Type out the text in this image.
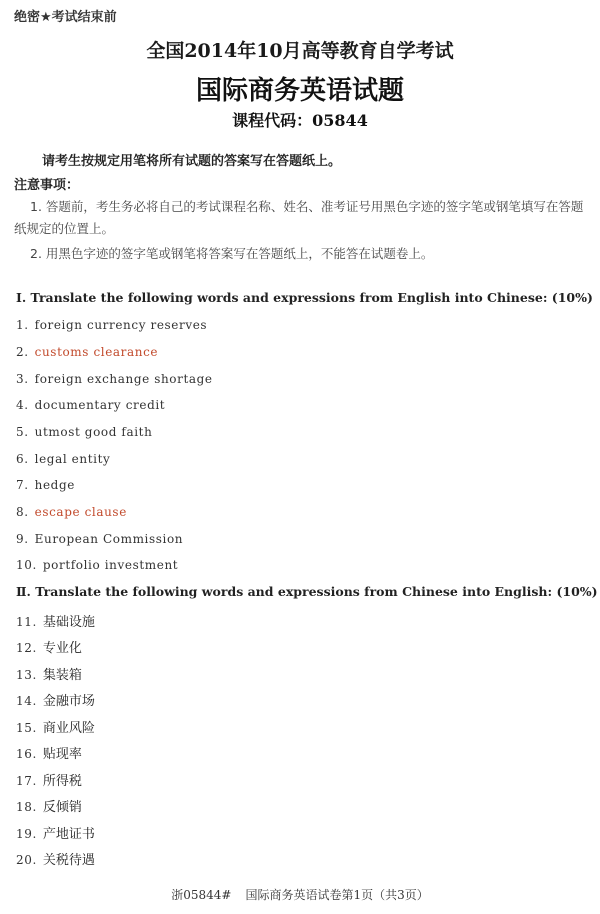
绝密★考试结束前
全国2014年10月高等教育自学考试
国际商务英语试题
课程代码：05844
请考生按规定用笔将所有试题的答案写在答题纸上。
注意事项：
1. 答题前，考生务必将自己的考试课程名称、姓名、准考证号用黑色字迹的签字笔或钢笔填写在答题纸规定的位置上。
2. 用黑色字迹的签字笔或钢笔将答案写在答题纸上，不能答在试题卷上。
Ⅰ. Translate the following words and expressions from English into Chinese: (10%)
1. foreign currency reserves
2. customs clearance
3. foreign exchange shortage
4. documentary credit
5. utmost good faith
6. legal entity
7. hedge
8. escape clause
9. European Commission
10. portfolio investment
Ⅱ. Translate the following words and expressions from Chinese into English: (10%)
11. 基础设施
12. 专业化
13. 集装箱
14. 金融市场
15. 商业风险
16. 贴现率
17. 所得税
18. 反倾销
19. 产地证书
20. 关税待遇
浙05844# 国际商务英语试卷第1页（共3页）
